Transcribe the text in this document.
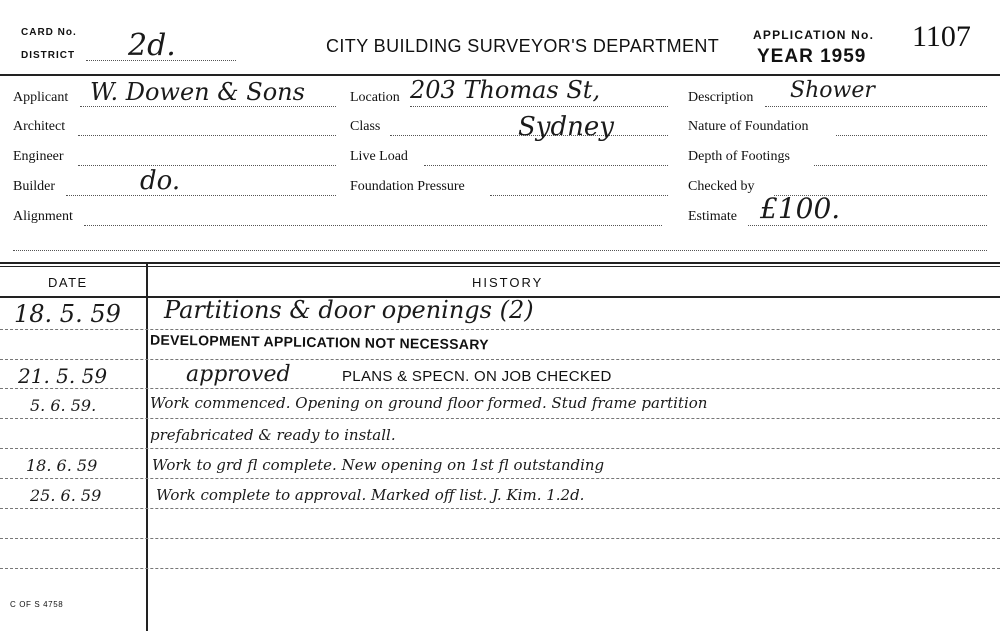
CARD No.
DISTRICT 2d.	CITY BUILDING SURVEYOR'S DEPARTMENT
APPLICATION No. 1107
YEAR 1959
Applicant W. Dowen & Sons
Architect
Engineer
Builder	do.
Alignment
Location 203 Thomas St,
Class	Sydney
Live Load
Foundation Pressure
Description Shower
Nature of Foundation
Depth of Footings
Checked by
Estimate £100.
DATE	HISTORY
18. 5. 59 Partitions & door openings (2)
DEVELOPMENT APPLICATION NOT NECESSARY
21. 5. 59	approved	PLANS & SPECN. ON JOB CHECKED
5. 6. 59.	Work commenced. Opening on ground floor formed. Stud frame partition
prefabricated & ready to install.
18. 6. 59	Work to grd fl complete. New opening on 1st fl outstanding
25. 6. 59	Work complete to approval. Marked off list. J. Kim. 1.2d.
C OF S 4758
